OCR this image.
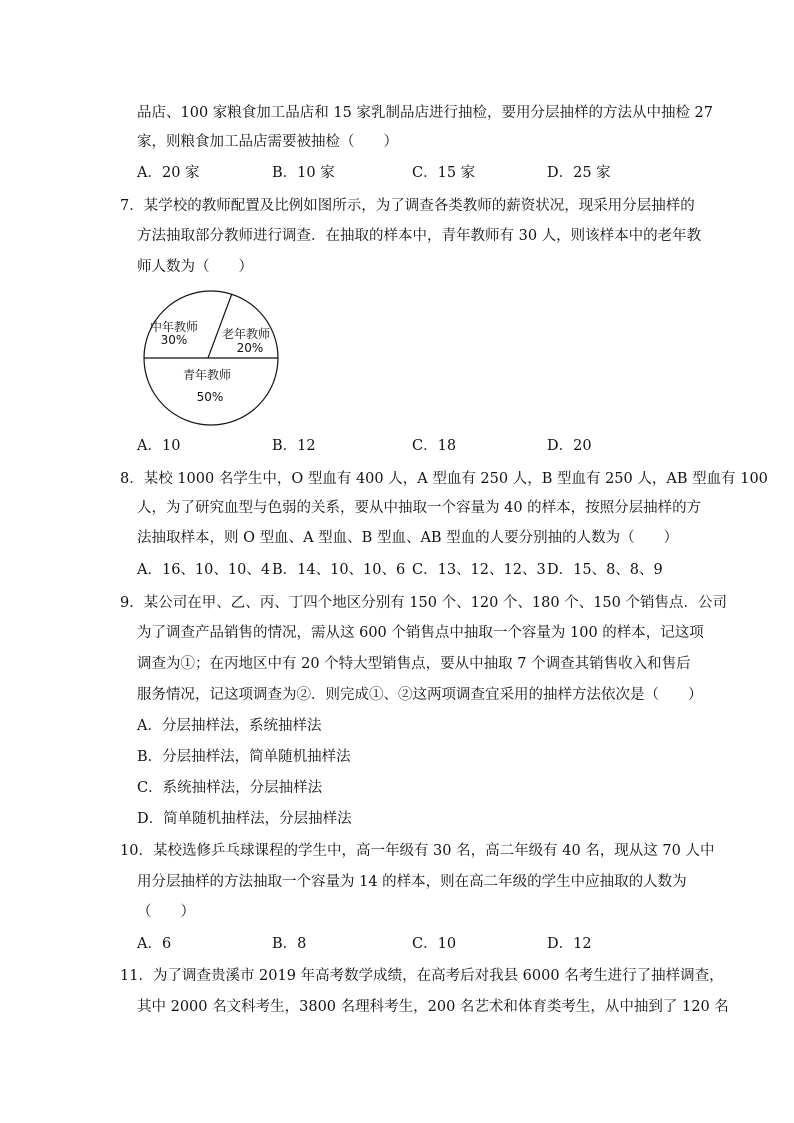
品店、100 家粮食加工品店和 15 家乳制品店进行抽检，要用分层抽样的方法从中抽检 27
家，则粮食加工品店需要被抽检（　　）
A．20 家	B．10 家	C．15 家	D．25 家
7．某学校的教师配置及比例如图所示，为了调查各类教师的薪资状况，现采用分层抽样的
方法抽取部分教师进行调查．在抽取的样本中，青年教师有 30 人，则该样本中的老年教
师人数为（　　）
中年教师
30%	老年教师
20%
青年教师
50%
A．10	B．12	C．18	D．20
8．某校 1000 名学生中，O 型血有 400 人，A 型血有 250 人，B 型血有 250 人，AB 型血有 100
人，为了研究血型与色弱的关系，要从中抽取一个容量为 40 的样本，按照分层抽样的方
法抽取样本，则 O 型血、A 型血、B 型血、AB 型血的人要分别抽的人数为（　　）
A．16、10、10、4 B．14、10、10、6 C．13、12、12、3 D．15、8、8、9
9．某公司在甲、乙、丙、丁四个地区分别有 150 个、120 个、180 个、150 个销售点．公司
为了调查产品销售的情况，需从这 600 个销售点中抽取一个容量为 100 的样本，记这项
调查为①；在丙地区中有 20 个特大型销售点，要从中抽取 7 个调查其销售收入和售后
服务情况，记这项调查为②．则完成①、②这两项调查宜采用的抽样方法依次是（　　）
A．分层抽样法，系统抽样法
B．分层抽样法，简单随机抽样法
C．系统抽样法，分层抽样法
D．简单随机抽样法，分层抽样法
10．某校选修乒乓球课程的学生中，高一年级有 30 名，高二年级有 40 名，现从这 70 人中
用分层抽样的方法抽取一个容量为 14 的样本，则在高二年级的学生中应抽取的人数为
（　　）
A．6	B．8	C．10	D．12
11．为了调查贵溪市 2019 年高考数学成绩，在高考后对我县 6000 名考生进行了抽样调查，
其中 2000 名文科考生，3800 名理科考生，200 名艺术和体育类考生，从中抽到了 120 名
